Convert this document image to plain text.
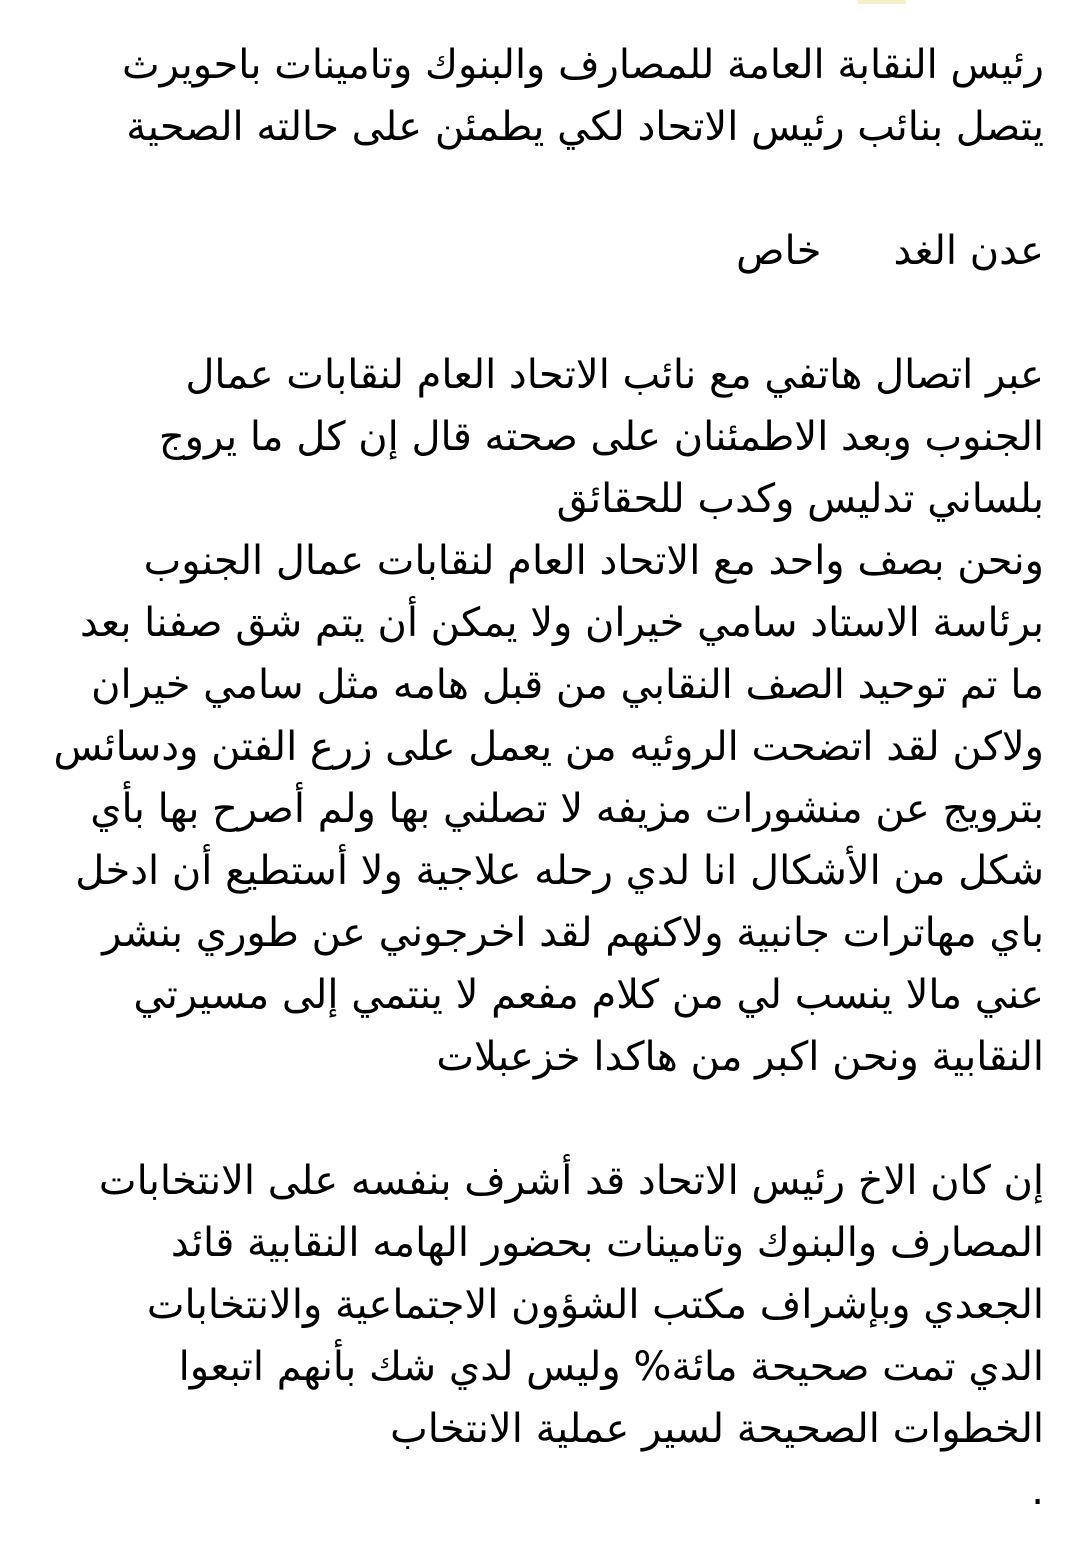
رئيس النقابة العامة للمصارف والبنوك وتامينات باحويرث
يتصل بنائب رئيس الاتحاد لكي يطمئن على حالته الصحية
عدن الغدخاص
عبر اتصال هاتفي مع نائب الاتحاد العام لنقابات عمال
الجنوب وبعد الاطمئنان على صحته قال إن كل ما يروج
بلساني تدليس وكدب للحقائق
ونحن بصف واحد مع الاتحاد العام لنقابات عمال الجنوب
برئاسة الاستاد سامي خيران ولا يمكن أن يتم شق صفنا بعد
ما تم توحيد الصف النقابي من قبل هامه مثل سامي خيران
ولاكن لقد اتضحت الروئيه من يعمل على زرع الفتن ودسائس
بترويج عن منشورات مزيفه لا تصلني بها ولم أصرح بها بأي
شكل من الأشكال انا لدي رحله علاجية ولا أستطيع أن ادخل
باي مهاترات جانبية ولاكنهم لقد اخرجوني عن طوري بنشر
عني مالا ينسب لي من كلام مفعم لا ينتمي إلى مسيرتي
النقابية ونحن اكبر من هاكدا خزعبلات
إن كان الاخ رئيس الاتحاد قد أشرف بنفسه على الانتخابات
المصارف والبنوك وتامينات بحضور الهامه النقابية قائد
الجعدي وبإشراف مكتب الشؤون الاجتماعية والانتخابات
الدي تمت صحيحة مائة% وليس لدي شك بأنهم اتبعوا
الخطوات الصحيحة لسير عملية الانتخاب
.
